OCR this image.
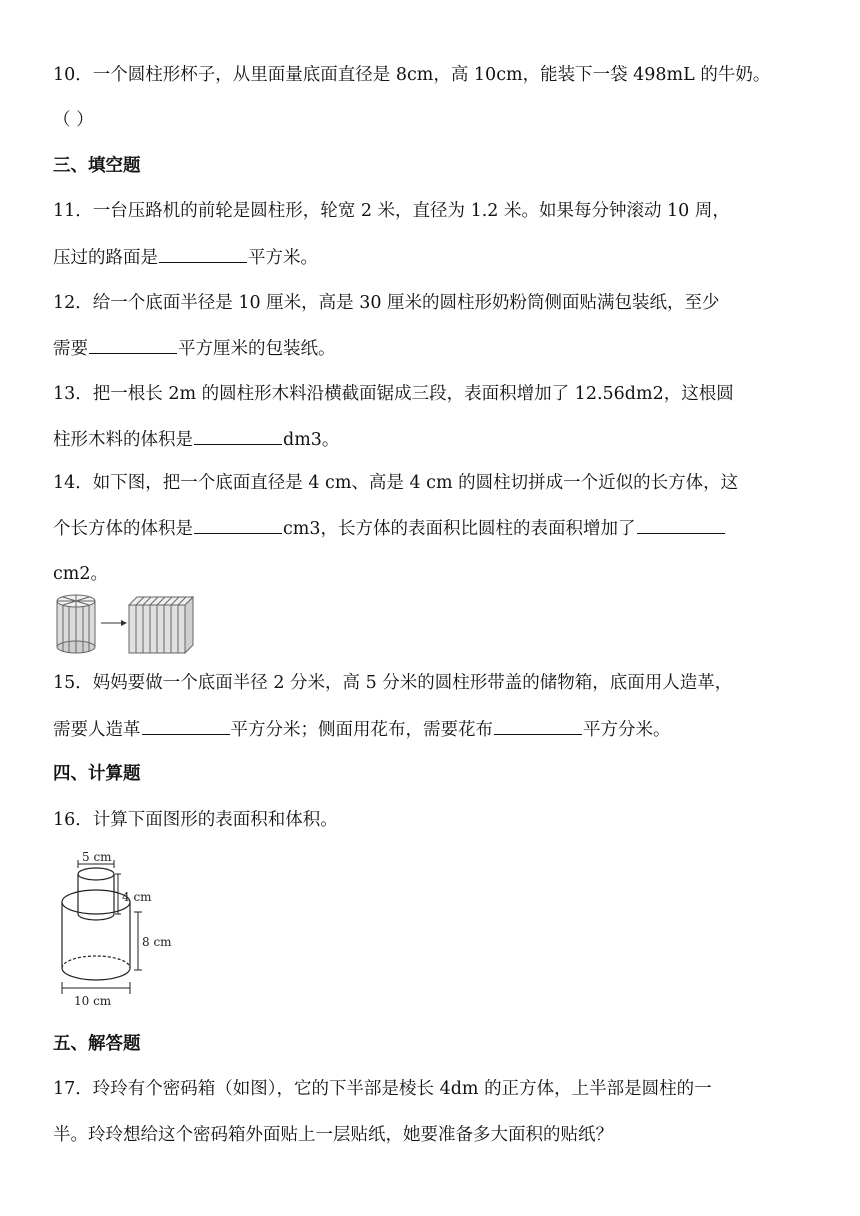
10．一个圆柱形杯子，从里面量底面直径是 8cm，高 10cm，能装下一袋 498mL 的牛奶。
（ ）
三、填空题
11．一台压路机的前轮是圆柱形，轮宽 2 米，直径为 1.2 米。如果每分钟滚动 10 周，
压过的路面是	平方米。
12．给一个底面半径是 10 厘米，高是 30 厘米的圆柱形奶粉筒侧面贴满包装纸，至少
需要	平方厘米的包装纸。
13．把一根长 2m 的圆柱形木料沿横截面锯成三段，表面积增加了 12.56dm2，这根圆
柱形木料的体积是	dm3。
14．如下图，把一个底面直径是 4 cm、高是 4 cm 的圆柱切拼成一个近似的长方体，这
个长方体的体积是	cm3，长方体的表面积比圆柱的表面积增加了
cm2。
15．妈妈要做一个底面半径 2 分米，高 5 分米的圆柱形带盖的储物箱，底面用人造革，
需要人造革	平方分米；侧面用花布，需要花布	平方分米。
四、计算题
16．计算下面图形的表面积和体积。
5 cm
4 cm
8 cm
10 cm
五、解答题
17．玲玲有个密码箱（如图），它的下半部是棱长 4dm 的正方体，上半部是圆柱的一
半。玲玲想给这个密码箱外面贴上一层贴纸，她要准备多大面积的贴纸？
